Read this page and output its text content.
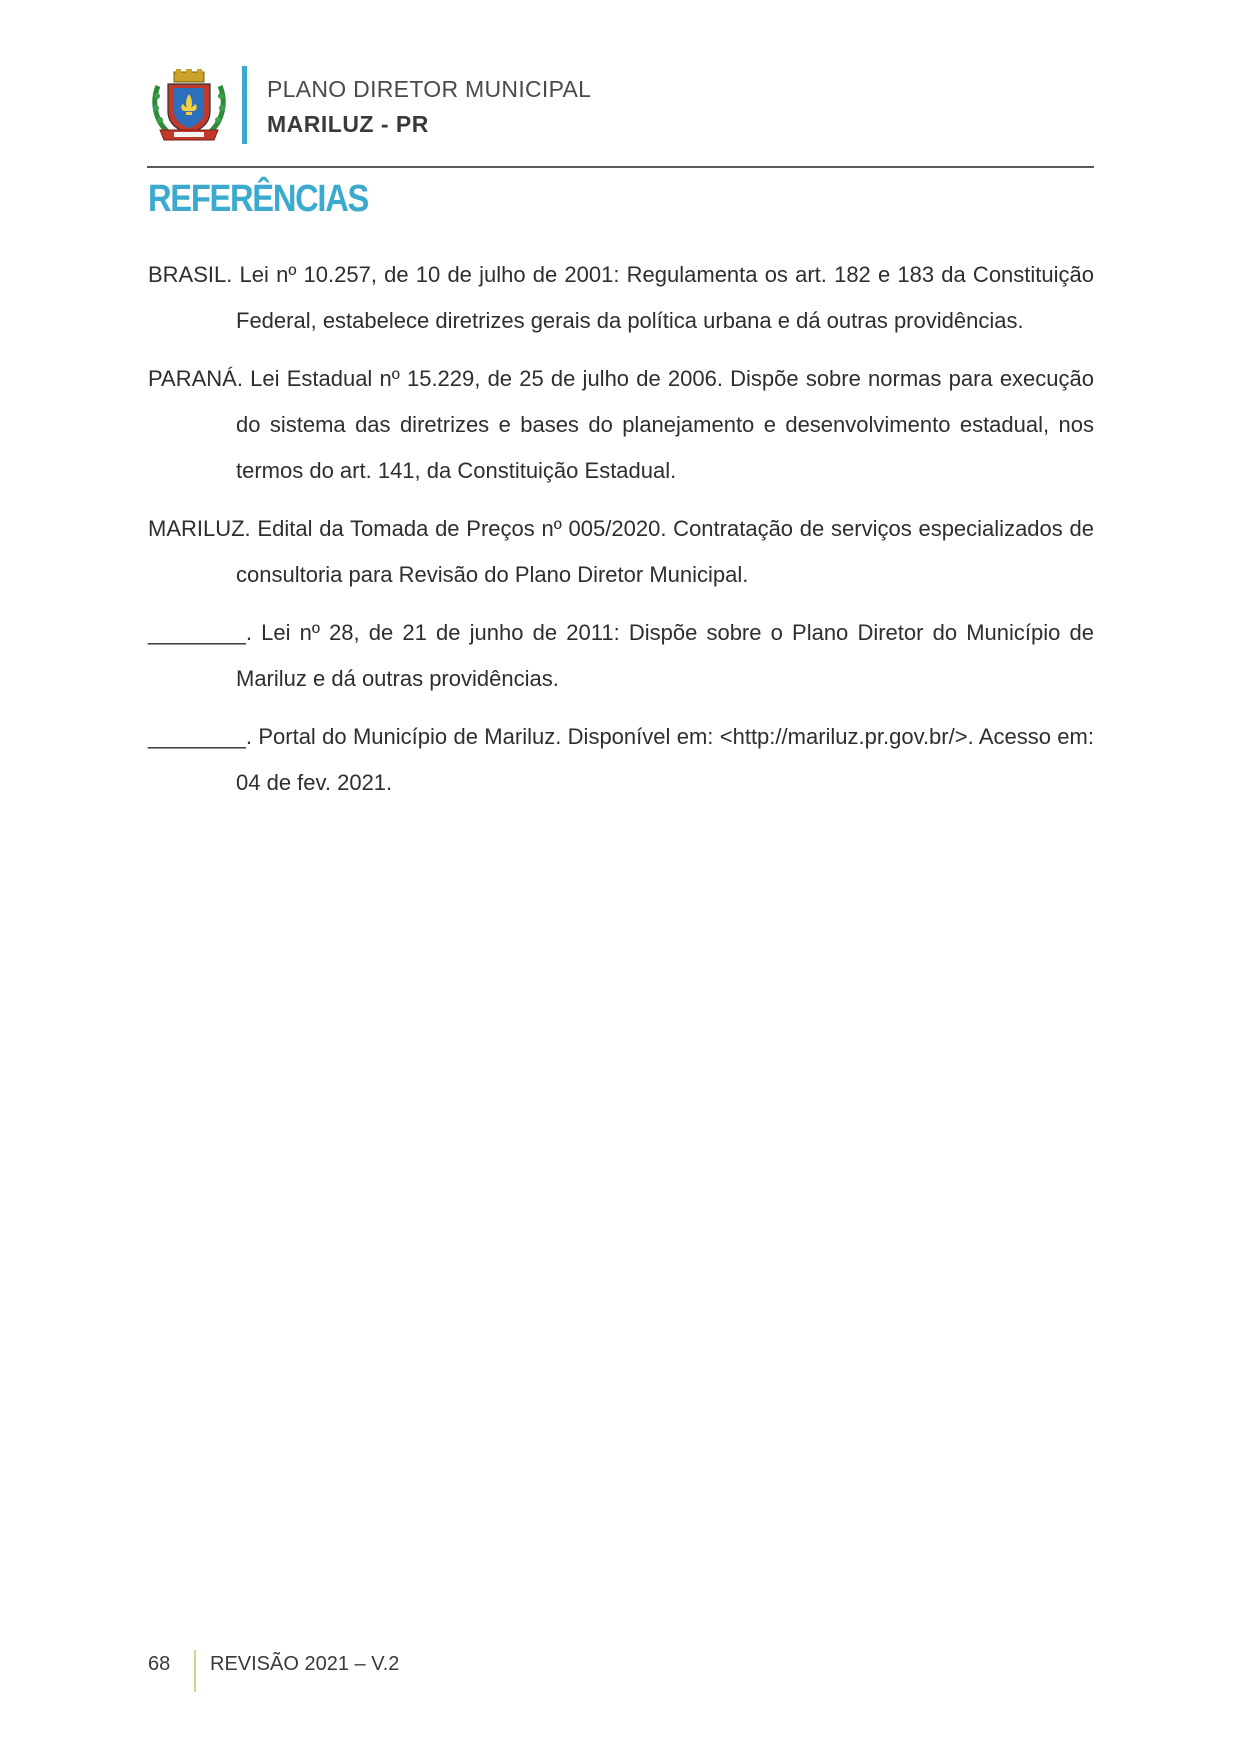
PLANO DIRETOR MUNICIPAL
MARILUZ - PR
REFERÊNCIAS

BRASIL. Lei nº 10.257, de 10 de julho de 2001: Regulamenta os art. 182 e 183 da Constituição Federal, estabelece diretrizes gerais da política urbana e dá outras providências.

PARANÁ. Lei Estadual nº 15.229, de 25 de julho de 2006. Dispõe sobre normas para execução do sistema das diretrizes e bases do planejamento e desenvolvimento estadual, nos termos do art. 141, da Constituição Estadual.

MARILUZ. Edital da Tomada de Preços nº 005/2020. Contratação de serviços especializados de consultoria para Revisão do Plano Diretor Municipal.

________. Lei nº 28, de 21 de junho de 2011: Dispõe sobre o Plano Diretor do Município de Mariluz e dá outras providências.

________. Portal do Município de Mariluz. Disponível em: <http://mariluz.pr.gov.br/>. Acesso em: 04 de fev. 2021.

68 REVISÃO 2021 – V.2
